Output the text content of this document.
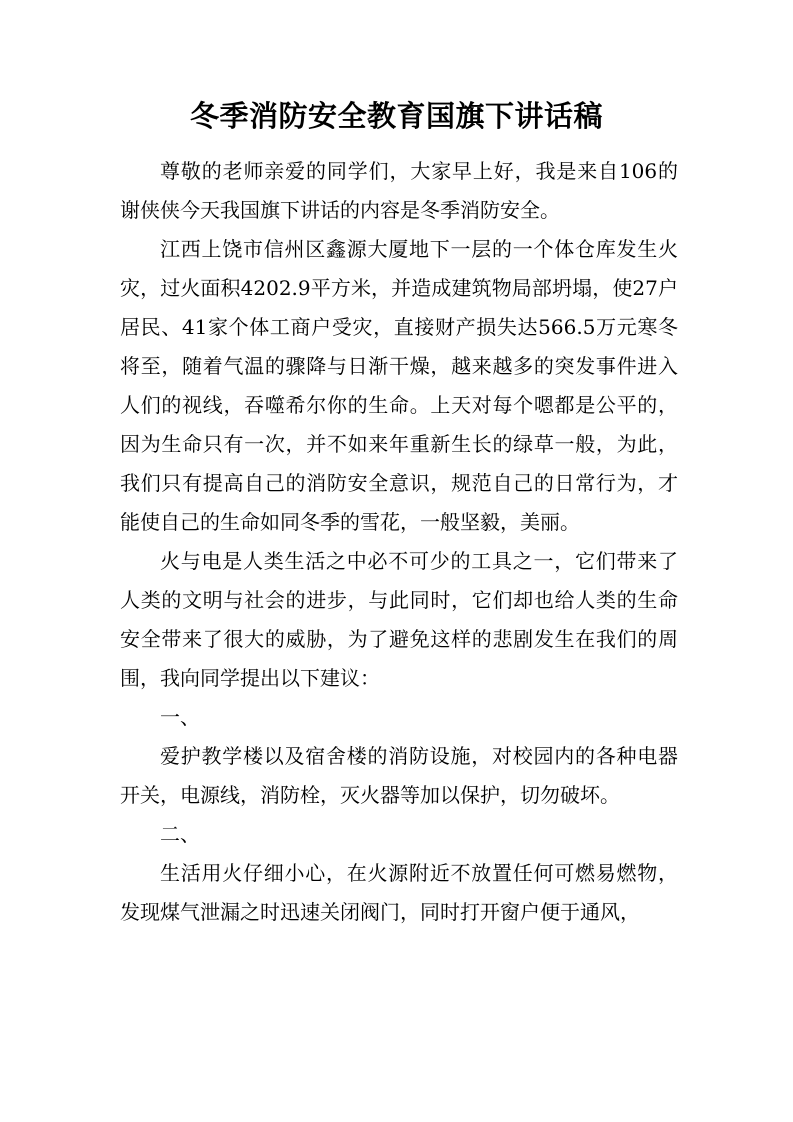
冬季消防安全教育国旗下讲话稿

尊敬的老师亲爱的同学们，大家早上好，我是来自106的谢侠侠今天我国旗下讲话的内容是冬季消防安全。

江西上饶市信州区鑫源大厦地下一层的一个体仓库发生火灾，过火面积4202.9平方米，并造成建筑物局部坍塌，使27户居民、41家个体工商户受灾，直接财产损失达566.5万元寒冬将至，随着气温的骤降与日渐干燥，越来越多的突发事件进入人们的视线，吞噬希尔你的生命。上天对每个嗯都是公平的，因为生命只有一次，并不如来年重新生长的绿草一般，为此，我们只有提高自己的消防安全意识，规范自己的日常行为，才能使自己的生命如同冬季的雪花，一般坚毅，美丽。

火与电是人类生活之中必不可少的工具之一，它们带来了人类的文明与社会的进步，与此同时，它们却也给人类的生命安全带来了很大的威胁，为了避免这样的悲剧发生在我们的周围，我向同学提出以下建议：

一、

爱护教学楼以及宿舍楼的消防设施，对校园内的各种电器开关，电源线，消防栓，灭火器等加以保护，切勿破坏。

二、

生活用火仔细小心，在火源附近不放置任何可燃易燃物，发现煤气泄漏之时迅速关闭阀门，同时打开窗户便于通风，
